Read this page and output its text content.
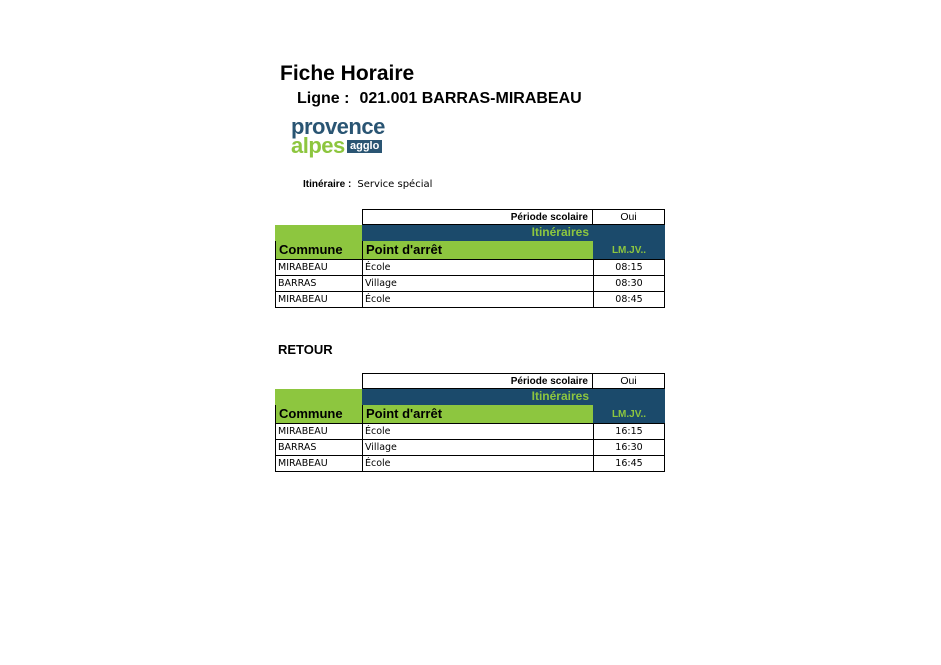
Fiche Horaire
Ligne : 021.001 BARRAS-MIRABEAU
provence
alpes agglo
Itinéraire : Service spécial
Période scolaire	Oui
Itinéraires
Commune	Point d'arrêt	LM.JV..
MIRABEAU	École	08:15
BARRAS	Village	08:30
MIRABEAU	École	08:45
RETOUR
Période scolaire	Oui
Itinéraires
Commune	Point d'arrêt	LM.JV..
MIRABEAU	École	16:15
BARRAS	Village	16:30
MIRABEAU	École	16:45
